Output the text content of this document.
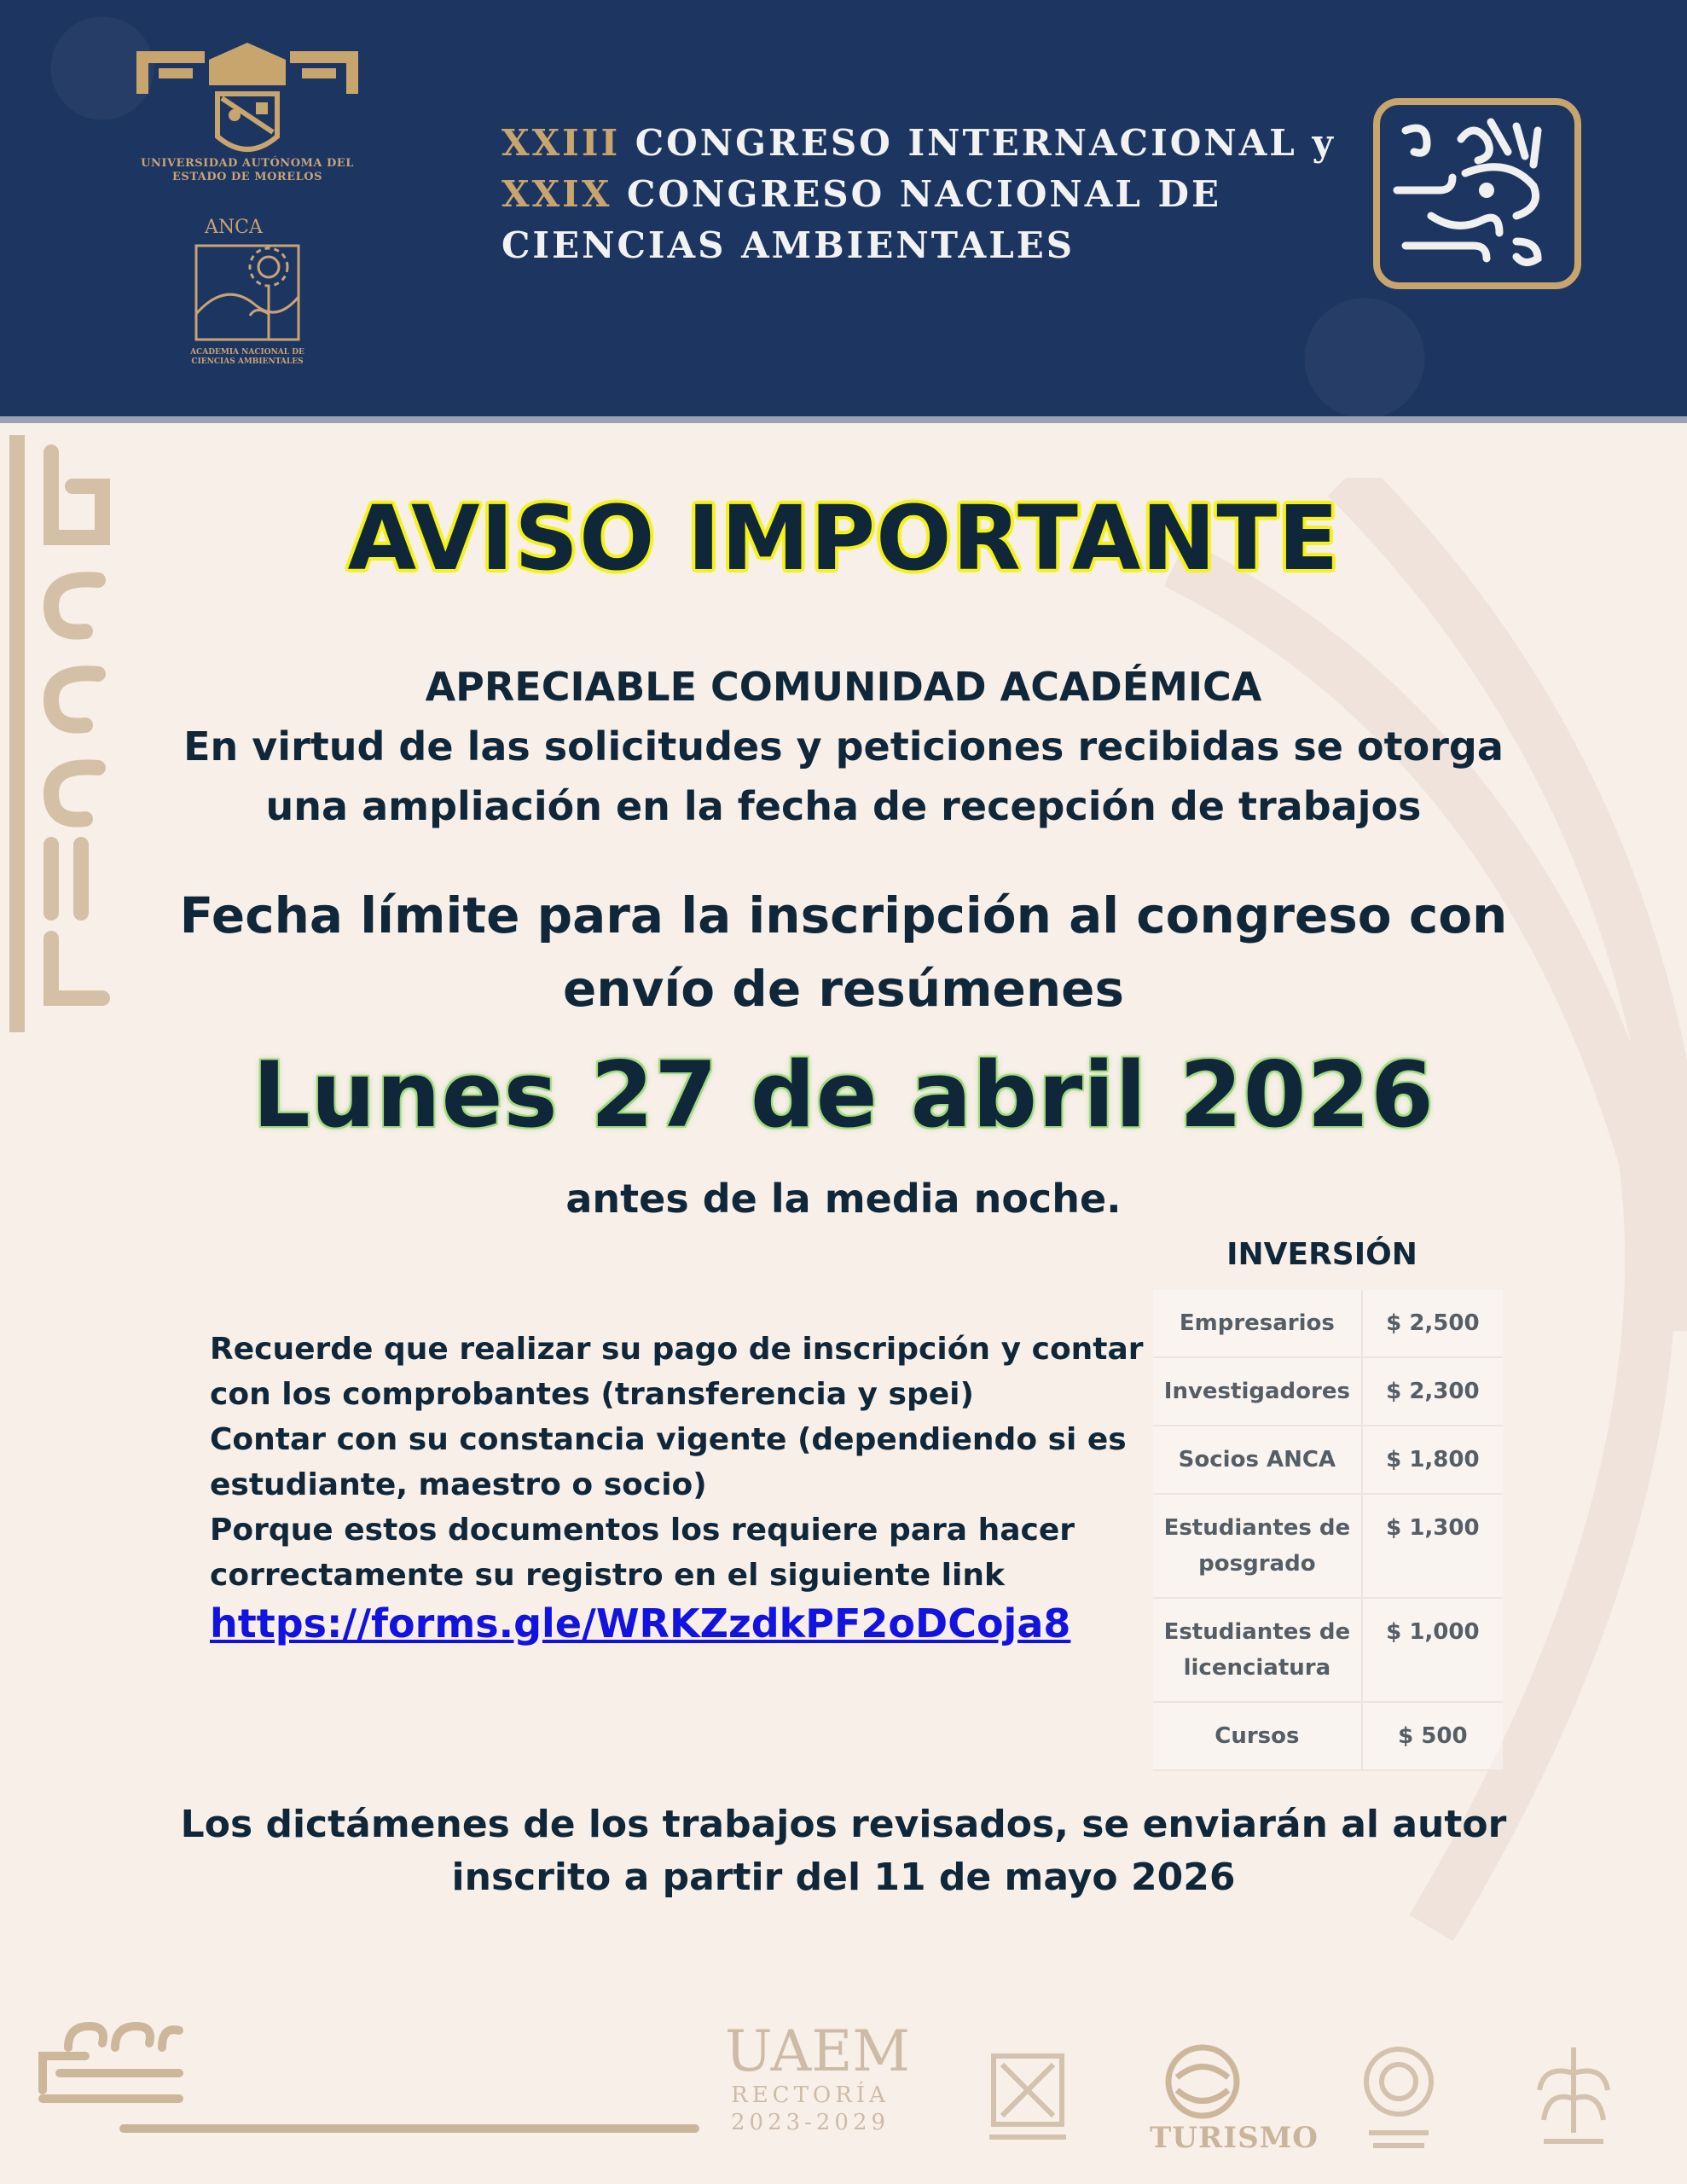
UNIVERSIDAD AUTÓNOMA DEL ESTADO DE MORELOS
ANCA
ACADEMIA NACIONAL DE CIENCIAS AMBIENTALES
XXIII CONGRESO INTERNACIONAL y
XXIX CONGRESO NACIONAL DE
CIENCIAS AMBIENTALES
AVISO IMPORTANTE
APRECIABLE COMUNIDAD ACADÉMICA
En virtud de las solicitudes y peticiones recibidas se otorga
una ampliación en la fecha de recepción de trabajos
Fecha límite para la inscripción al congreso con
envío de resúmenes
Lunes 27 de abril 2026
antes de la media noche.
Recuerde que realizar su pago de inscripción y contar
con los comprobantes (transferencia y spei)
Contar con su constancia vigente (dependiendo si es
estudiante, maestro o socio)
Porque estos documentos los requiere para hacer
correctamente su registro en el siguiente link
https://forms.gle/WRKZzdkPF2oDCoja8
INVERSIÓN
Empresarios	$ 2,500
Investigadores	$ 2,300
Socios ANCA	$ 1,800
Estudiantes de posgrado	$ 1,300
Estudiantes de licenciatura	$ 1,000
Cursos	$ 500
Los dictámenes de los trabajos revisados, se enviarán al autor
inscrito a partir del 11 de mayo 2026
UAEM
RECTORÍA
2023-2029	TURISMO
